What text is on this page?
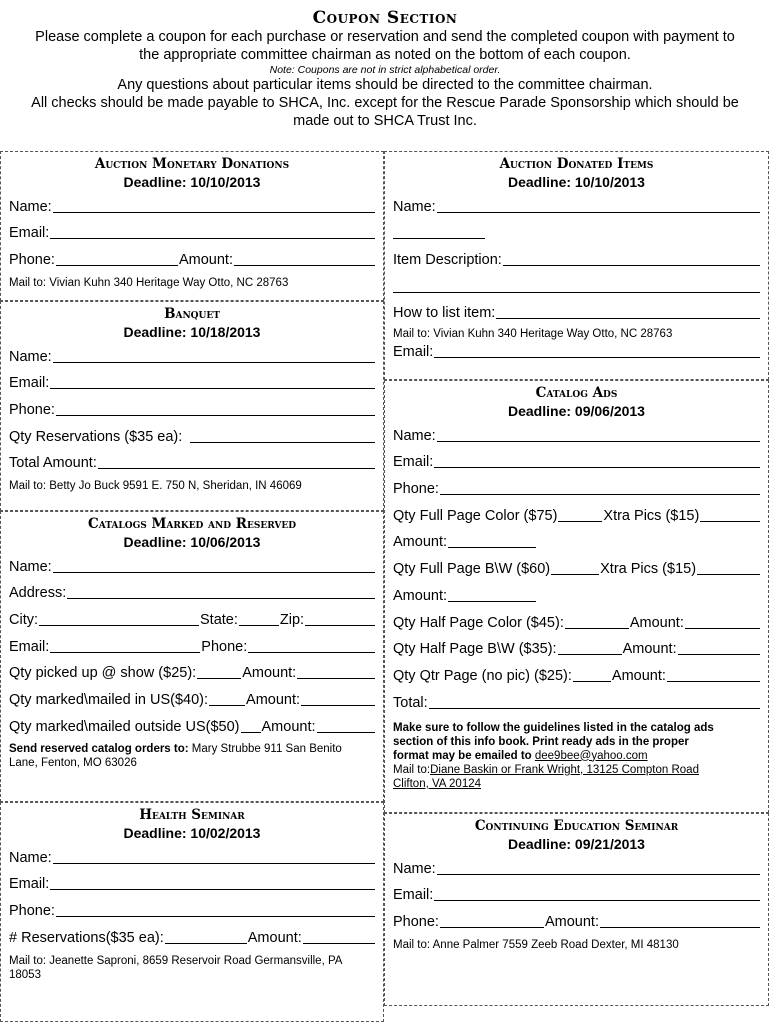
Coupon Section
Please complete a coupon for each purchase or reservation and send the completed coupon with payment to
the appropriate committee chairman as noted on the bottom of each coupon.
Note: Coupons are not in strict alphabetical order.
Any questions about particular items should be directed to the committee chairman.
All checks should be made payable to SHCA, Inc. except for the Rescue Parade Sponsorship which should be
made out to SHCA Trust Inc.
Auction Monetary Donations
Deadline: 10/10/2013
Name:
Email:
Phone:	Amount:
Mail to: Vivian Kuhn 340 Heritage Way Otto, NC 28763
Banquet
Deadline: 10/18/2013
Name:
Email:
Phone:
Qty Reservations ($35 ea):
Total Amount:
Mail to: Betty Jo Buck 9591 E. 750 N, Sheridan, IN 46069
Catalogs Marked and Reserved
Deadline: 10/06/2013
Name:
Address:
City:	State:	Zip:
Email:	Phone:
Qty picked up @ show ($25):	Amount:
Qty marked\mailed in US($40):	Amount:
Qty marked\mailed outside US($50) Amount:
Send reserved catalog orders to: Mary Strubbe 911 San Benito
Lane, Fenton, MO 63026
Health Seminar
Deadline: 10/02/2013
Name:
Email:
Phone:
# Reservations($35 ea):	Amount:
Mail to: Jeanette Saproni, 8659 Reservoir Road Germansville, PA
18053
Auction Donated Items
Deadline: 10/10/2013
Name:
Item Description:
How to list item:
Mail to: Vivian Kuhn 340 Heritage Way Otto, NC 28763
Email:
Catalog Ads
Deadline: 09/06/2013
Name:
Email:
Phone:
Qty Full Page Color ($75)	Xtra Pics ($15)
Amount:
Qty Full Page B\W ($60)	Xtra Pics ($15)
Amount:
Qty Half Page Color ($45):	Amount:
Qty Half Page B\W ($35):	Amount:
Qty Qtr Page (no pic) ($25):	Amount:
Total:
Make sure to follow the guidelines listed in the catalog ads
section of this info book. Print ready ads in the proper
format may be emailed to dee9bee@yahoo.com
Mail to:Diane Baskin or Frank Wright, 13125 Compton Road
Clifton, VA 20124
Continuing Education Seminar
Deadline: 09/21/2013
Name:
Email:
Phone:	Amount:
Mail to: Anne Palmer 7559 Zeeb Road Dexter, MI 48130
